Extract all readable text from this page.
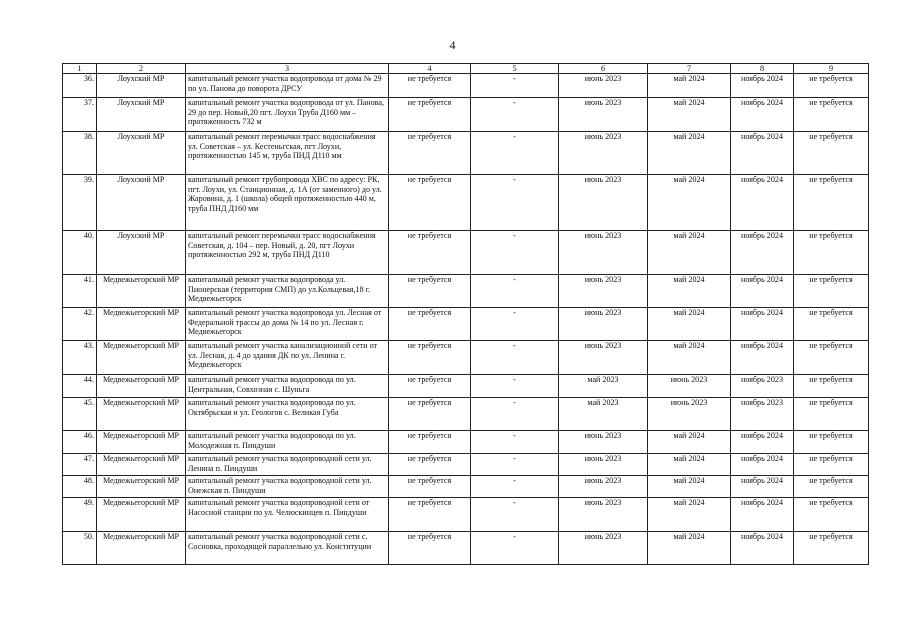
4
1	2	3	4	5	6	7	8	9
36.	Лоухский МР	капитальный ремонт участка водопровода от дома № 29 по ул. Панова до поворота ДРСУ	не требуется	-	июнь 2023	май 2024	ноябрь 2024	не требуется
37.	Лоухский МР	капитальный ремонт участка водопровода от ул. Панова, 29 до пер. Новый,20 пгт. Лоухи Труба Д160 мм – протяженность 732 м	не требуется	-	июнь 2023	май 2024	ноябрь 2024	не требуется
38.	Лоухский МР	капитальный ремонт перемычки трасс водоснабжения ул. Советская – ул. Кестеньгская, пгт Лоухи, протяженностью 145 м, труба ПНД Д110 мм	не требуется	-	июнь 2023	май 2024	ноябрь 2024	не требуется
39.	Лоухский МР	капитальный ремонт трубопровода ХВС по адресу: РК, пгт. Лоухи, ул. Станционная, д. 1А (от заменного) до ул. Жаровина, д. 1 (школа) общей протяженностью 440 м, труба ПНД Д160 мм	не требуется	-	июнь 2023	май 2024	ноябрь 2024	не требуется
40.	Лоухский МР	капитальный ремонт перемычки трасс водоснабжения Советская, д. 104 – пер. Новый, д. 20, пгт Лоухи протяженностью 292 м, труба ПНД Д110	не требуется	-	июнь 2023	май 2024	ноябрь 2024	не требуется
41.	Медвежьегорский МР	капитальный ремонт участка водопровода ул. Пионерская (территория СМП) до ул.Кольцевая,18 г. Медвежьегорск	не требуется	-	июнь 2023	май 2024	ноябрь 2024	не требуется
42.	Медвежьегорский МР	капитальный ремонт участка водопровода ул. Лесная от Федеральной трассы до дома № 14 по ул. Лесная г. Медвежьегорск	не требуется	-	июнь 2023	май 2024	ноябрь 2024	не требуется
43.	Медвежьегорский МР	капитальный ремонт участка канализационной сети от ул. Лесная, д. 4 до здания ДК по ул. Ленина г. Медвежьегорск	не требуется	-	июнь 2023	май 2024	ноябрь 2024	не требуется
44.	Медвежьегорский МР	капитальный ремонт участка водопровода по ул. Центральная, Совхозная с. Шуньга	не требуется	-	май 2023	июнь 2023	ноябрь 2023	не требуется
45.	Медвежьегорский МР	капитальный ремонт участка водопровода по ул. Октябрьская и ул. Геологов с. Великая Губа	не требуется	-	май 2023	июнь 2023	ноябрь 2023	не требуется
46.	Медвежьегорский МР	капитальный ремонт участка водопровода по ул. Молодежная п. Пиндуши	не требуется	-	июнь 2023	май 2024	ноябрь 2024	не требуется
47.	Медвежьегорский МР	капитальный ремонт участка водопроводной сети ул. Ленина п. Пиндуши	не требуется	-	июнь 2023	май 2024	ноябрь 2024	не требуется
48.	Медвежьегорский МР	капитальный ремонт участка водопроводной сети ул. Онежская п. Пиндуши	не требуется	-	июнь 2023	май 2024	ноябрь 2024	не требуется
49.	Медвежьегорский МР	капитальный ремонт участка водопроводной сети от Насосной станции по ул. Челюскинцев п. Пиндуши	не требуется	-	июнь 2023	май 2024	ноябрь 2024	не требуется
50.	Медвежьегорский МР	капитальный ремонт участка водопроводной сети с. Сосновка, проходящей параллельно ул. Конституции	не требуется	-	июнь 2023	май 2024	ноябрь 2024	не требуется
